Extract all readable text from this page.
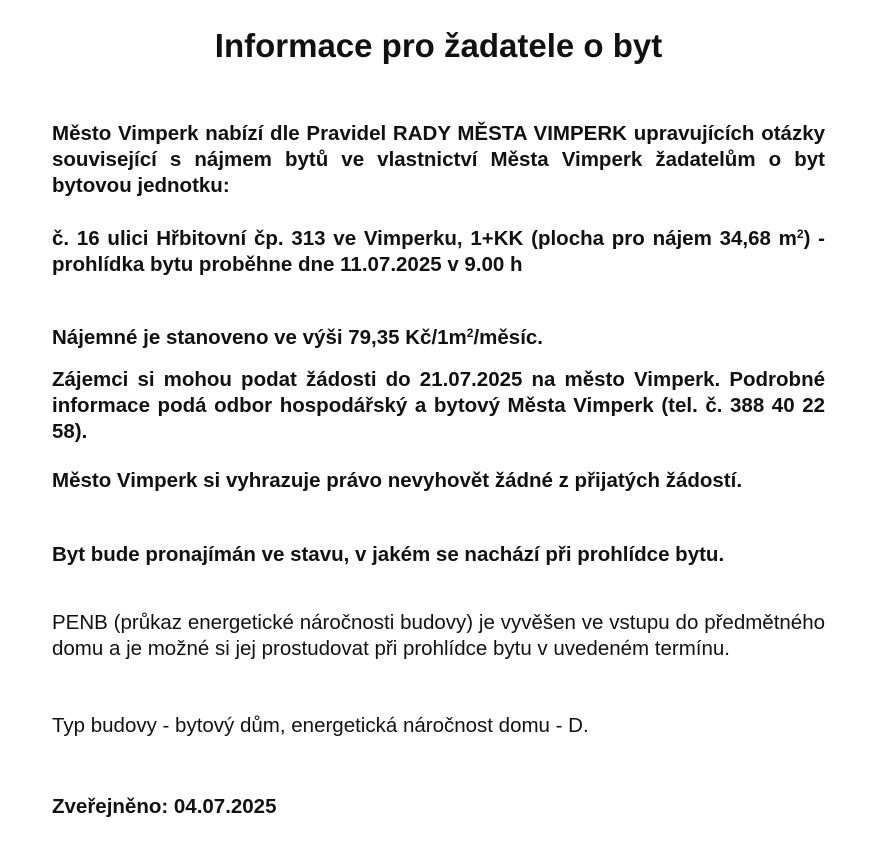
Informace pro žadatele o byt

Město Vimperk nabízí dle Pravidel RADY MĚSTA VIMPERK upravujících otázky související s nájmem bytů ve vlastnictví Města Vimperk žadatelům o byt bytovou jednotku:

č. 16 ulici Hřbitovní čp. 313 ve Vimperku, 1+KK (plocha pro nájem 34,68 $m^2$) - prohlídka bytu proběhne dne 11.07.2025 v 9.00 h

Nájemné je stanoveno ve výši 79,35 $Kč/1m^2$/měsíc.

Zájemci si mohou podat žádosti do 21.07.2025 na město Vimperk. Podrobné informace podá odbor hospodářský a bytový Města Vimperk (tel. č. 388 40 22 58).

Město Vimperk si vyhrazuje právo nevyhovět žádné z přijatých žádostí.

Byt bude pronajímán ve stavu, v jakém se nachází při prohlídce bytu.

PENB (průkaz energetické náročnosti budovy) je vyvěšen ve vstupu do předmětného domu a je možné si jej prostudovat při prohlídce bytu v uvedeném termínu.

Typ budovy - bytový dům, energetická náročnost domu - D.

Zveřejněno: 04.07.2025
